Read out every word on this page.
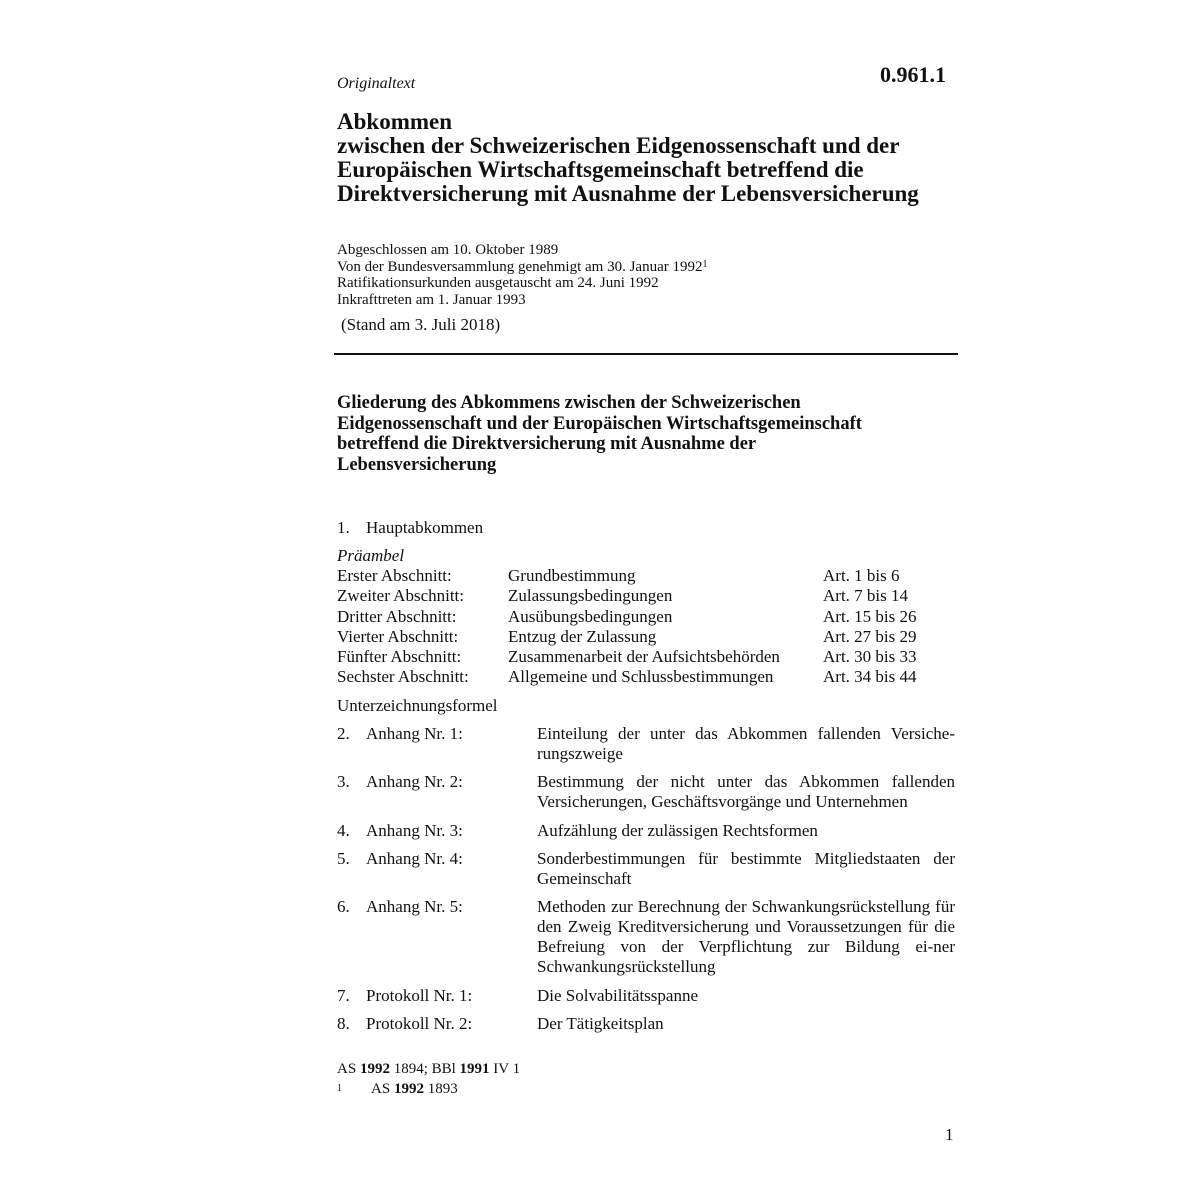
Originaltext	0.961.1
Abkommen
zwischen der Schweizerischen Eidgenossenschaft und der
Europäischen Wirtschaftsgemeinschaft betreffend die
Direktversicherung mit Ausnahme der Lebensversicherung
Abgeschlossen am 10. Oktober 1989
Von der Bundesversammlung genehmigt am 30. Januar 1992$^1$
Ratifikationsurkunden ausgetauscht am 24. Juni 1992
Inkrafttreten am 1. Januar 1993
(Stand am 3. Juli 2018)
Gliederung des Abkommens zwischen der Schweizerischen
Eidgenossenschaft und der Europäischen Wirtschaftsgemeinschaft
betreffend die Direktversicherung mit Ausnahme der
Lebensversicherung
1. Hauptabkommen
Präambel
Erster Abschnitt:	Grundbestimmung	Art. 1 bis 6
Zweiter Abschnitt:	Zulassungsbedingungen	Art. 7 bis 14
Dritter Abschnitt:	Ausübungsbedingungen	Art. 15 bis 26
Vierter Abschnitt:	Entzug der Zulassung	Art. 27 bis 29
Fünfter Abschnitt:	Zusammenarbeit der Aufsichtsbehörden	Art. 30 bis 33
Sechster Abschnitt: Allgemeine und Schlussbestimmungen	Art. 34 bis 44
Unterzeichnungsformel
2. Anhang Nr. 1:	Einteilung der unter das Abkommen fallenden Versiche-rungszweige
3. Anhang Nr. 2:	Bestimmung der nicht unter das Abkommen fallenden Versicherungen, Geschäftsvorgänge und Unternehmen
4. Anhang Nr. 3:	Aufzählung der zulässigen Rechtsformen
5. Anhang Nr. 4:	Sonderbestimmungen für bestimmte Mitgliedstaaten der Gemeinschaft
6. Anhang Nr. 5:	Methoden zur Berechnung der Schwankungsrückstellung für den Zweig Kreditversicherung und Voraussetzungen für die Befreiung von der Verpflichtung zur Bildung ei-ner Schwankungsrückstellung
7. Protokoll Nr. 1:	Die Solvabilitätsspanne
8. Protokoll Nr. 2:	Der Tätigkeitsplan
AS 1992 1894; BBl 1991 IV 1
1 AS 1992 1893
1
